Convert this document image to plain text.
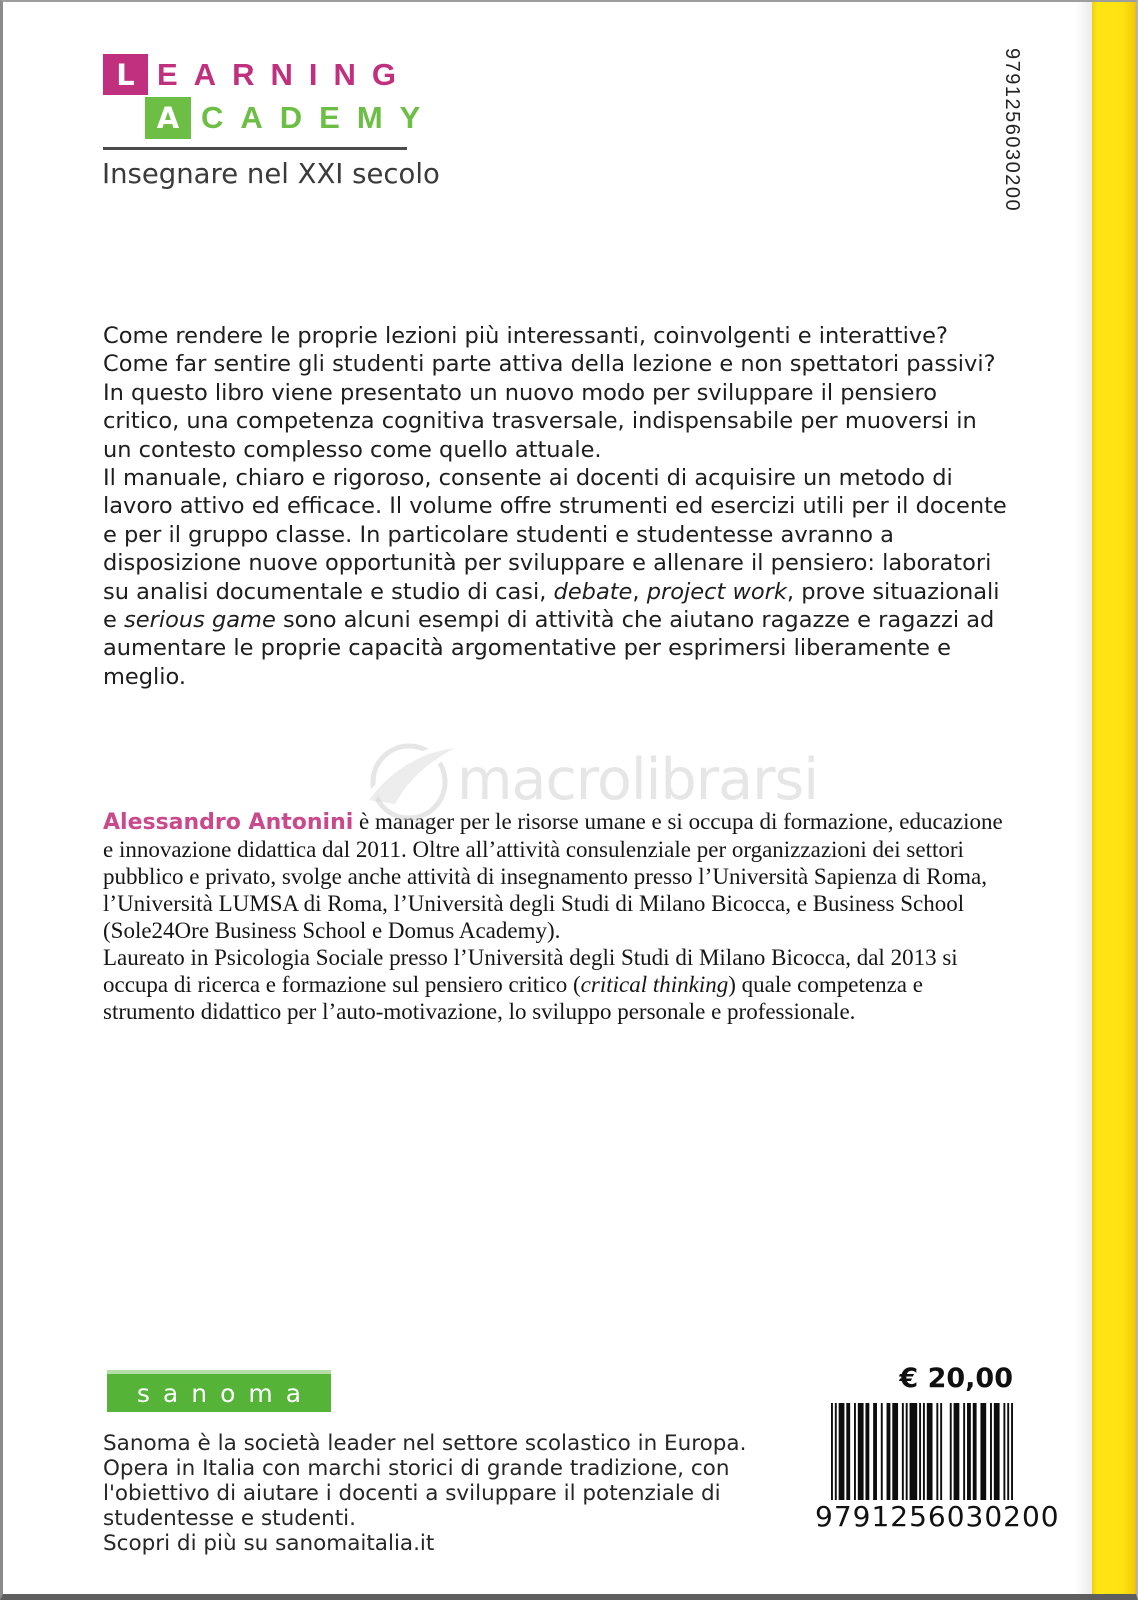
9791256030200
L EARNING
A CADEMY
Insegnare nel XXI secolo

Come rendere le proprie lezioni più interessanti, coinvolgenti e interattive? Come far sentire gli studenti parte attiva della lezione e non spettatori passivi? In questo libro viene presentato un nuovo modo per sviluppare il pensiero critico, una competenza cognitiva trasversale, indispensabile per muoversi in un contesto complesso come quello attuale.

Il manuale, chiaro e rigoroso, consente ai docenti di acquisire un metodo di lavoro attivo ed efficace. Il volume offre strumenti ed esercizi utili per il docente e per il gruppo classe. In particolare studenti e studentesse avranno a disposizione nuove opportunità per sviluppare e allenare il pensiero: laboratori su analisi documentale e studio di casi, debate, project work, prove situazionali e serious game sono alcuni esempi di attività che aiutano ragazze e ragazzi ad aumentare le proprie capacità argomentative per esprimersi liberamente e meglio.

macrolibrarsi

Alessandro Antonini è manager per le risorse umane e si occupa di formazione, educazione e innovazione didattica dal 2011. Oltre all’attività consulenziale per organizzazioni dei settori pubblico e privato, svolge anche attività di insegnamento presso l’Università Sapienza di Roma, l’Università LUMSA di Roma, l’Università degli Studi di Milano Bicocca, e Business School (Sole24Ore Business School e Domus Academy).

Laureato in Psicologia Sociale presso l’Università degli Studi di Milano Bicocca, dal 2013 si occupa di ricerca e formazione sul pensiero critico (critical thinking) quale competenza e strumento didattico per l’auto-motivazione, lo sviluppo personale e professionale.

sanoma

Sanoma è la società leader nel settore scolastico in Europa. Opera in Italia con marchi storici di grande tradizione, con l'obiettivo di aiutare i docenti a sviluppare il potenziale di studentesse e studenti.

Scopri di più su sanomaitalia.it

€ 20,00
9791256030200
